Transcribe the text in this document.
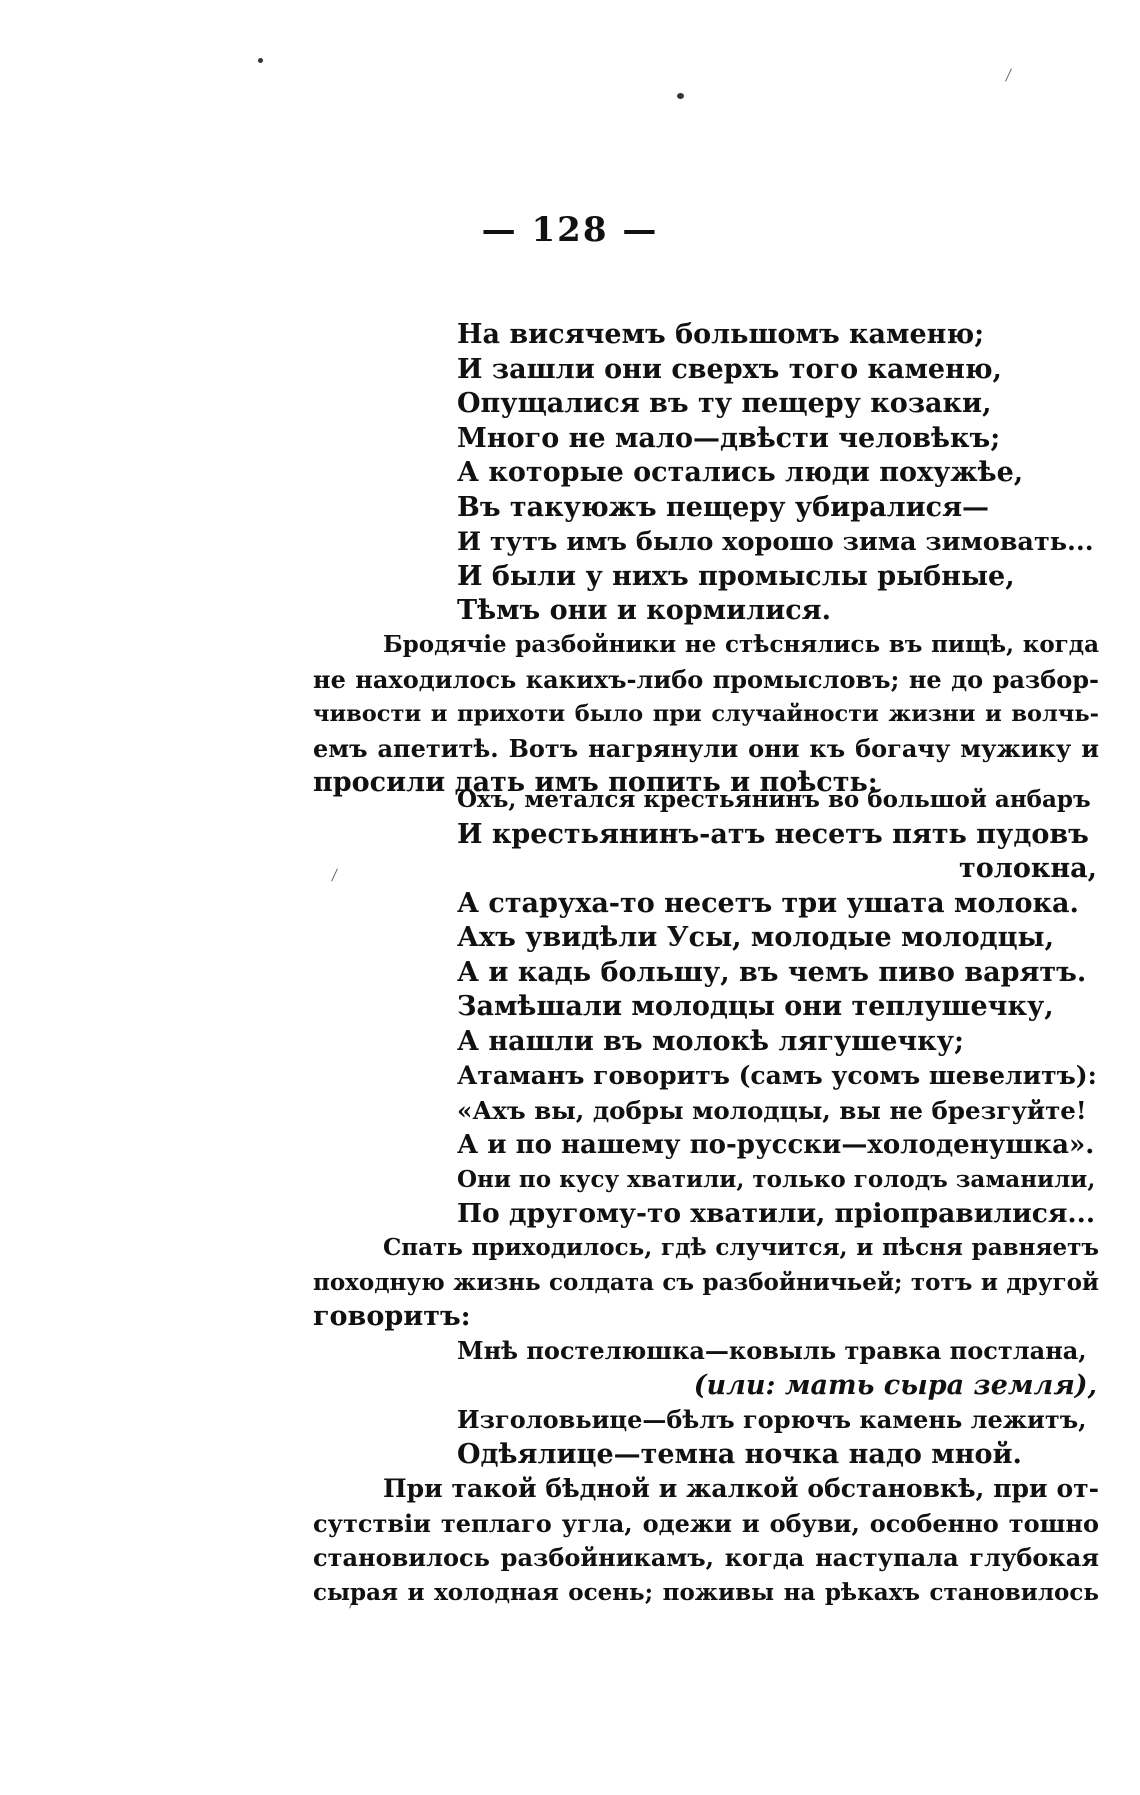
— 128 —
На висячемъ большомъ каменю;
И зашли они сверхъ того каменю,
Опущалися въ ту пещеру козаки,
Много не мало—двѣсти человѣкъ;
А которые остались люди похужѣе,
Въ такуюжъ пещеру убиралися—
И тутъ имъ было хорошо зима зимовать...
И были у нихъ промыслы рыбные,
Тѣмъ они и кормилися.
Бродячіе разбойники не стѣснялись въ пищѣ, когда
не находилось какихъ-либо промысловъ; не до разбор-
чивости и прихоти было при случайности жизни и волчь-
емъ апетитѣ. Вотъ нагрянули они къ богачу мужику и
просили дать имъ попить и поѣсть:
Охъ, метался крестьянинъ во большой анбаръ
И крестьянинъ-атъ несетъ пять пудовъ
толокна,
А старуха-то несетъ три ушата молока.
Ахъ увидѣли Усы, молодые молодцы,
А и кадь большу, въ чемъ пиво варятъ.
Замѣшали молодцы они теплушечку,
А нашли въ молокѣ лягушечку;
Атаманъ говоритъ (самъ усомъ шевелитъ):
«Ахъ вы, добры молодцы, вы не брезгуйте!
А и по нашему по-русски—холоденушка».
Они по кусу хватили, только голодъ заманили,
По другому-то хватили, пріоправилися...
Спать приходилось, гдѣ случится, и пѣсня равняетъ
походную жизнь солдата съ разбойничьей; тотъ и другой
говоритъ:
Мнѣ постелюшка—ковыль травка постлана,
(или: мать сыра земля),
Изголовьице—бѣлъ горючъ камень лежитъ,
Одѣялице—темна ночка надо мной.
При такой бѣдной и жалкой обстановкѣ, при от-
сутствіи теплаго угла, одежи и обуви, особенно тошно
становилось разбойникамъ, когда наступала глубокая
сырая и холодная осень; поживы на рѣкахъ становилось
